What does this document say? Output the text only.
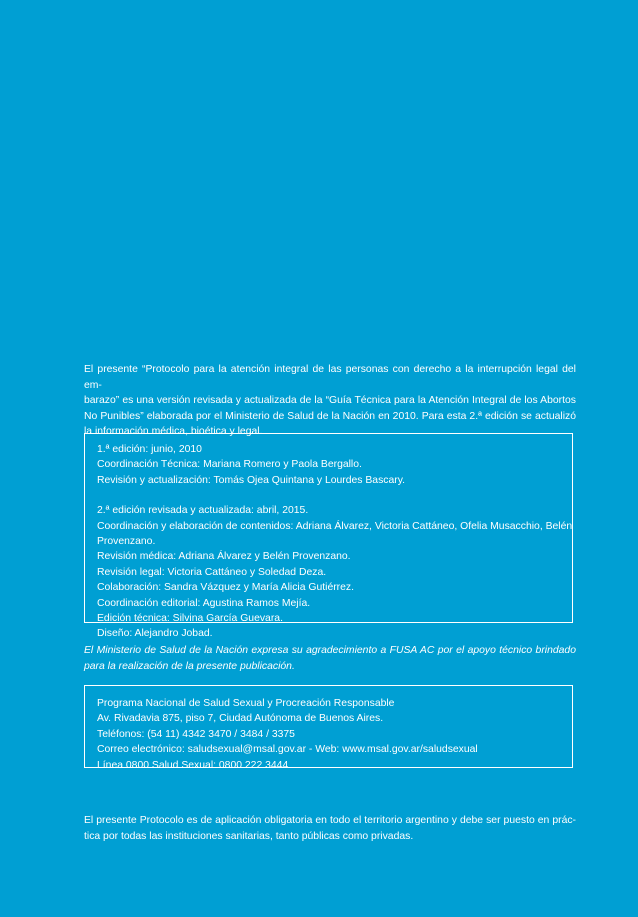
El presente “Protocolo para la atención integral de las personas con derecho a la interrupción legal del em-
barazo” es una versión revisada y actualizada de la “Guía Técnica para la Atención Integral de los Abortos
No Punibles” elaborada por el Ministerio de Salud de la Nación en 2010. Para esta 2.ª edición se actualizó
la información médica, bioética y legal.

1.ª edición: junio, 2010
Coordinación Técnica: Mariana Romero y Paola Bergallo.
Revisión y actualización: Tomás Ojea Quintana y Lourdes Bascary.
2.ª edición revisada y actualizada: abril, 2015.
Coordinación y elaboración de contenidos: Adriana Álvarez, Victoria Cattáneo, Ofelia Musacchio, Belén
Provenzano.
Revisión médica: Adriana Álvarez y Belén Provenzano.
Revisión legal: Victoria Cattáneo y Soledad Deza.
Colaboración: Sandra Vázquez y María Alicia Gutiérrez.
Coordinación editorial: Agustina Ramos Mejía.
Edición técnica: Silvina García Guevara.
Diseño: Alejandro Jobad.

El Ministerio de Salud de la Nación expresa su agradecimiento a FUSA AC por el apoyo técnico brindado
para la realización de la presente publicación.

Programa Nacional de Salud Sexual y Procreación Responsable
Av. Rivadavia 875, piso 7, Ciudad Autónoma de Buenos Aires.
Teléfonos: (54 11) 4342 3470 / 3484 / 3375
Correo electrónico: saludsexual@msal.gov.ar - Web: www.msal.gov.ar/saludsexual
Línea 0800 Salud Sexual: 0800 222 3444

El presente Protocolo es de aplicación obligatoria en todo el territorio argentino y debe ser puesto en prác-
tica por todas las instituciones sanitarias, tanto públicas como privadas.
